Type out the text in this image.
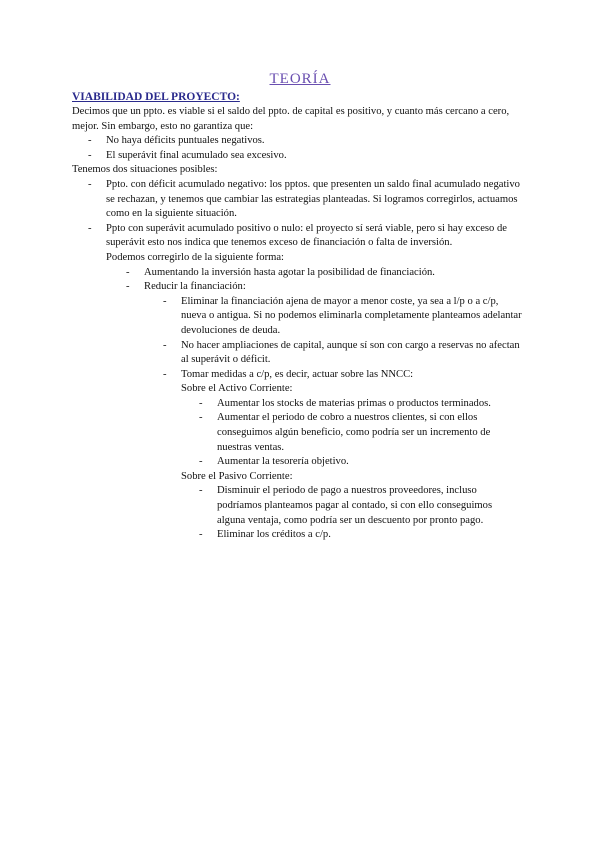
TEORÍA
VIABILIDAD DEL PROYECTO:

Decimos que un ppto. es viable si el saldo del ppto. de capital es positivo, y cuanto más cercano a cero, mejor. Sin embargo, esto no garantiza que:

- No haya déficits puntuales negativos.
- El superávit final acumulado sea excesivo.

Tenemos dos situaciones posibles:

- Ppto. con déficit acumulado negativo: los pptos. que presenten un saldo final acumulado negativo se rechazan, y tenemos que cambiar las estrategias planteadas. Si logramos corregirlos, actuamos como en la siguiente situación.
- Ppto con superávit acumulado positivo o nulo: el proyecto sí será viable, pero si hay exceso de superávit esto nos indica que tenemos exceso de financiación o falta de inversión.

Podemos corregirlo de la siguiente forma:

- Aumentando la inversión hasta agotar la posibilidad de financiación.
- Reducir la financiación:
- Eliminar la financiación ajena de mayor a menor coste, ya sea a l/p o a c/p, nueva o antigua. Si no podemos eliminarla completamente planteamos adelantar devoluciones de deuda.
- No hacer ampliaciones de capital, aunque sí son con cargo a reservas no afectan al superávit o déficit.
- Tomar medidas a c/p, es decir, actuar sobre las NNCC:

Sobre el Activo Corriente:

- Aumentar los stocks de materias primas o productos terminados.
- Aumentar el periodo de cobro a nuestros clientes, si con ellos conseguimos algún beneficio, como podría ser un incremento de nuestras ventas.
- Aumentar la tesorería objetivo.

Sobre el Pasivo Corriente:

- Disminuir el periodo de pago a nuestros proveedores, incluso podríamos planteamos pagar al contado, si con ello conseguimos alguna ventaja, como podría ser un descuento por pronto pago.
- Eliminar los créditos a c/p.
